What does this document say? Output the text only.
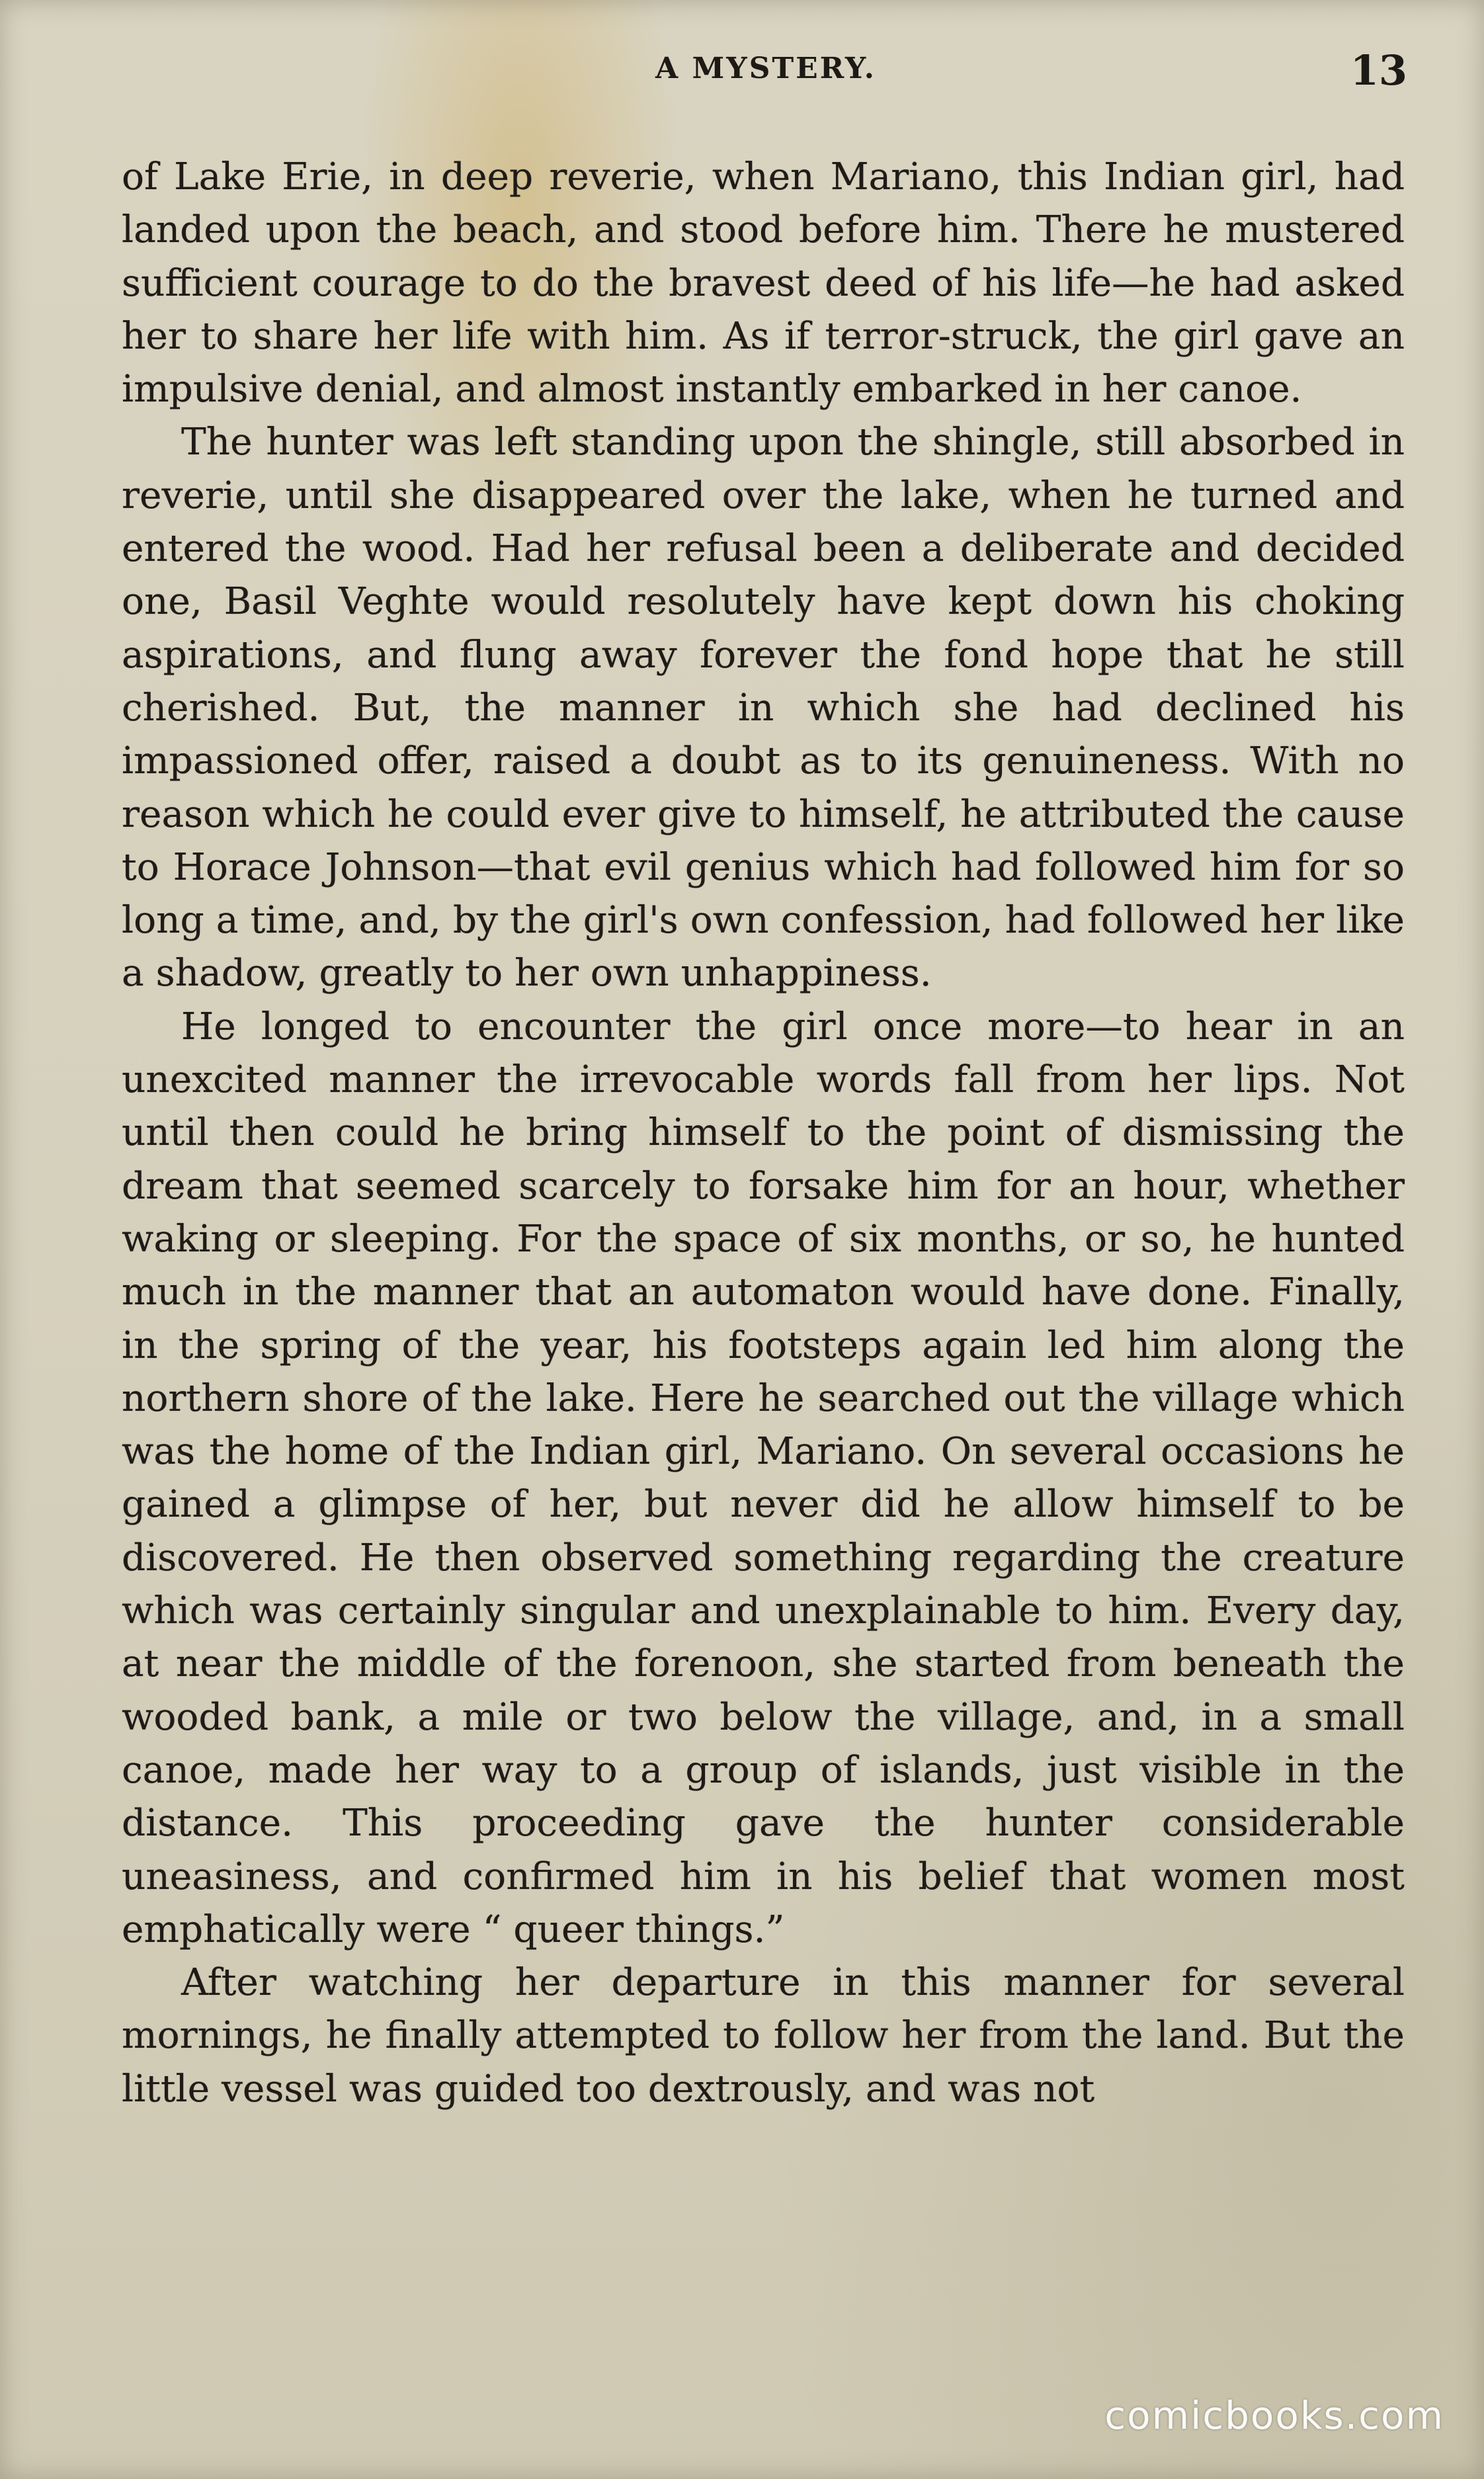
A MYSTERY.	13

of Lake Erie, in deep reverie, when Mariano, this Indian girl, had landed upon the beach, and stood before him. There he mustered sufficient courage to do the bravest deed of his life—he had asked her to share her life with him. As if terror-struck, the girl gave an impulsive denial, and almost instantly embarked in her canoe.

The hunter was left standing upon the shingle, still absorbed in reverie, until she disappeared over the lake, when he turned and entered the wood. Had her refusal been a deliberate and decided one, Basil Veghte would resolutely have kept down his choking aspirations, and flung away forever the fond hope that he still cherished. But, the manner in which she had declined his impassioned offer, raised a doubt as to its genuineness. With no reason which he could ever give to himself, he attributed the cause to Horace Johnson—that evil genius which had followed him for so long a time, and, by the girl's own confession, had followed her like a shadow, greatly to her own unhappiness.

He longed to encounter the girl once more—to hear in an unexcited manner the irrevocable words fall from her lips. Not until then could he bring himself to the point of dismissing the dream that seemed scarcely to forsake him for an hour, whether waking or sleeping. For the space of six months, or so, he hunted much in the manner that an automaton would have done. Finally, in the spring of the year, his footsteps again led him along the northern shore of the lake. Here he searched out the village which was the home of the Indian girl, Mariano. On several occasions he gained a glimpse of her, but never did he allow himself to be discovered. He then observed something regarding the creature which was certainly singular and unexplainable to him. Every day, at near the middle of the forenoon, she started from beneath the wooded bank, a mile or two below the village, and, in a small canoe, made her way to a group of islands, just visible in the distance. This proceeding gave the hunter considerable uneasiness, and confirmed him in his belief that women most emphatically were “ queer things.”

After watching her departure in this manner for several mornings, he finally attempted to follow her from the land. But the little vessel was guided too dextrously, and was not

comicbooks.com
